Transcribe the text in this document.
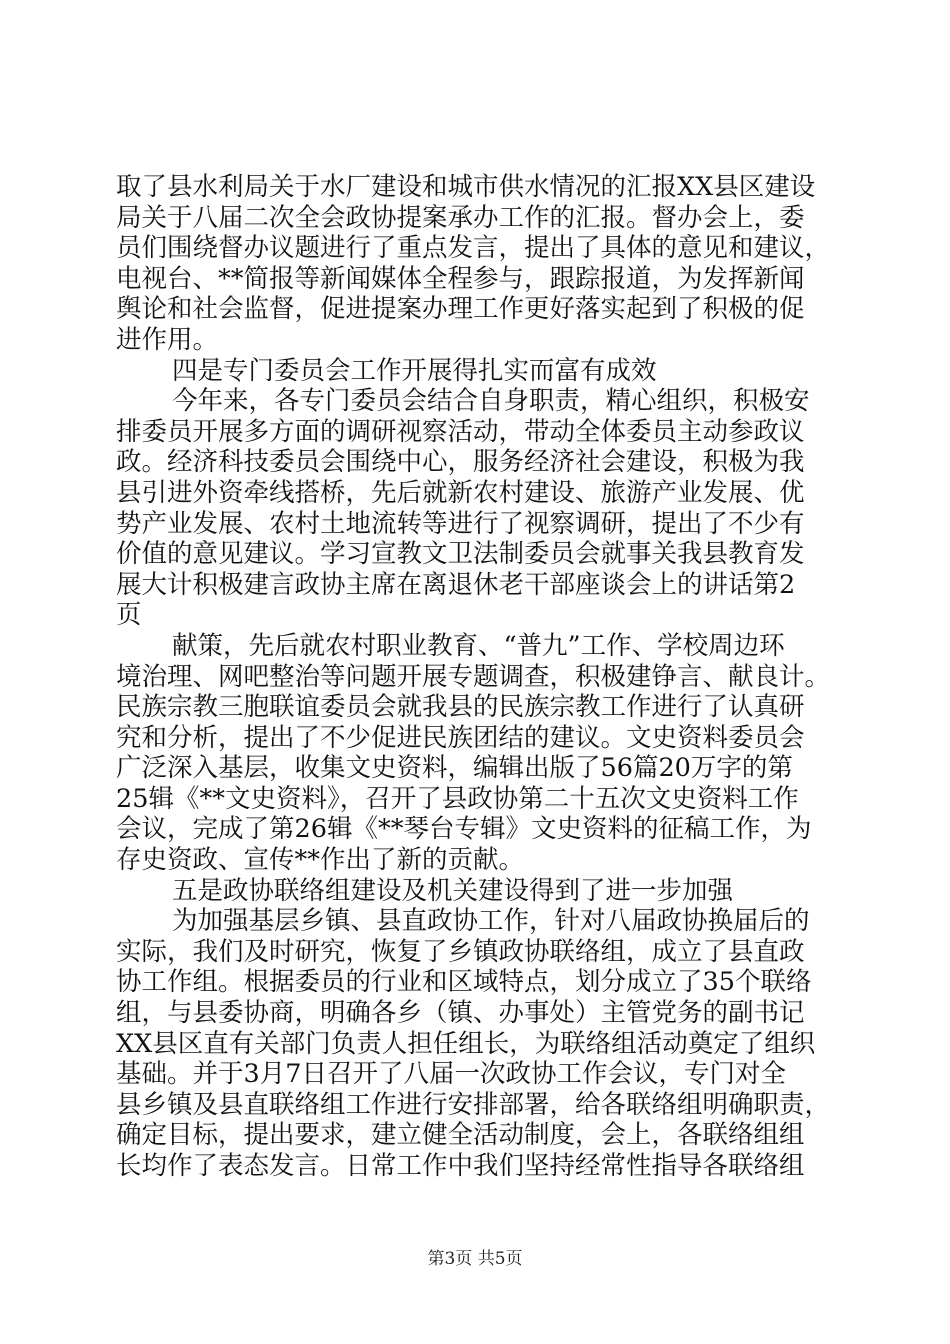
取了县水利局关于水厂建设和城市供水情况的汇报XX县区建设
局关于八届二次全会政协提案承办工作的汇报。督办会上，委
员们围绕督办议题进行了重点发言，提出了具体的意见和建议，
电视台、**简报等新闻媒体全程参与，跟踪报道，为发挥新闻
舆论和社会监督，促进提案办理工作更好落实起到了积极的促
进作用。
四是专门委员会工作开展得扎实而富有成效
今年来，各专门委员会结合自身职责，精心组织，积极安
排委员开展多方面的调研视察活动，带动全体委员主动参政议
政。经济科技委员会围绕中心，服务经济社会建设，积极为我
县引进外资牵线搭桥，先后就新农村建设、旅游产业发展、优
势产业发展、农村土地流转等进行了视察调研，提出了不少有
价值的意见建议。学习宣教文卫法制委员会就事关我县教育发
展大计积极建言政协主席在离退休老干部座谈会上的讲话第2
页
献策，先后就农村职业教育、“普九”工作、学校周边环
境治理、网吧整治等问题开展专题调查，积极建铮言、献良计。
民族宗教三胞联谊委员会就我县的民族宗教工作进行了认真研
究和分析，提出了不少促进民族团结的建议。文史资料委员会
广泛深入基层，收集文史资料，编辑出版了56篇20万字的第
25辑《**文史资料》，召开了县政协第二十五次文史资料工作
会议，完成了第26辑《**琴台专辑》文史资料的征稿工作，为
存史资政、宣传**作出了新的贡献。
五是政协联络组建设及机关建设得到了进一步加强
为加强基层乡镇、县直政协工作，针对八届政协换届后的
实际，我们及时研究，恢复了乡镇政协联络组，成立了县直政
协工作组。根据委员的行业和区域特点，划分成立了35个联络
组，与县委协商，明确各乡（镇、办事处）主管党务的副书记
XX县区直有关部门负责人担任组长，为联络组活动奠定了组织
基础。并于3月7日召开了八届一次政协工作会议，专门对全
县乡镇及县直联络组工作进行安排部署，给各联络组明确职责，
确定目标，提出要求，建立健全活动制度，会上，各联络组组
长均作了表态发言。日常工作中我们坚持经常性指导各联络组
第3页 共5页
